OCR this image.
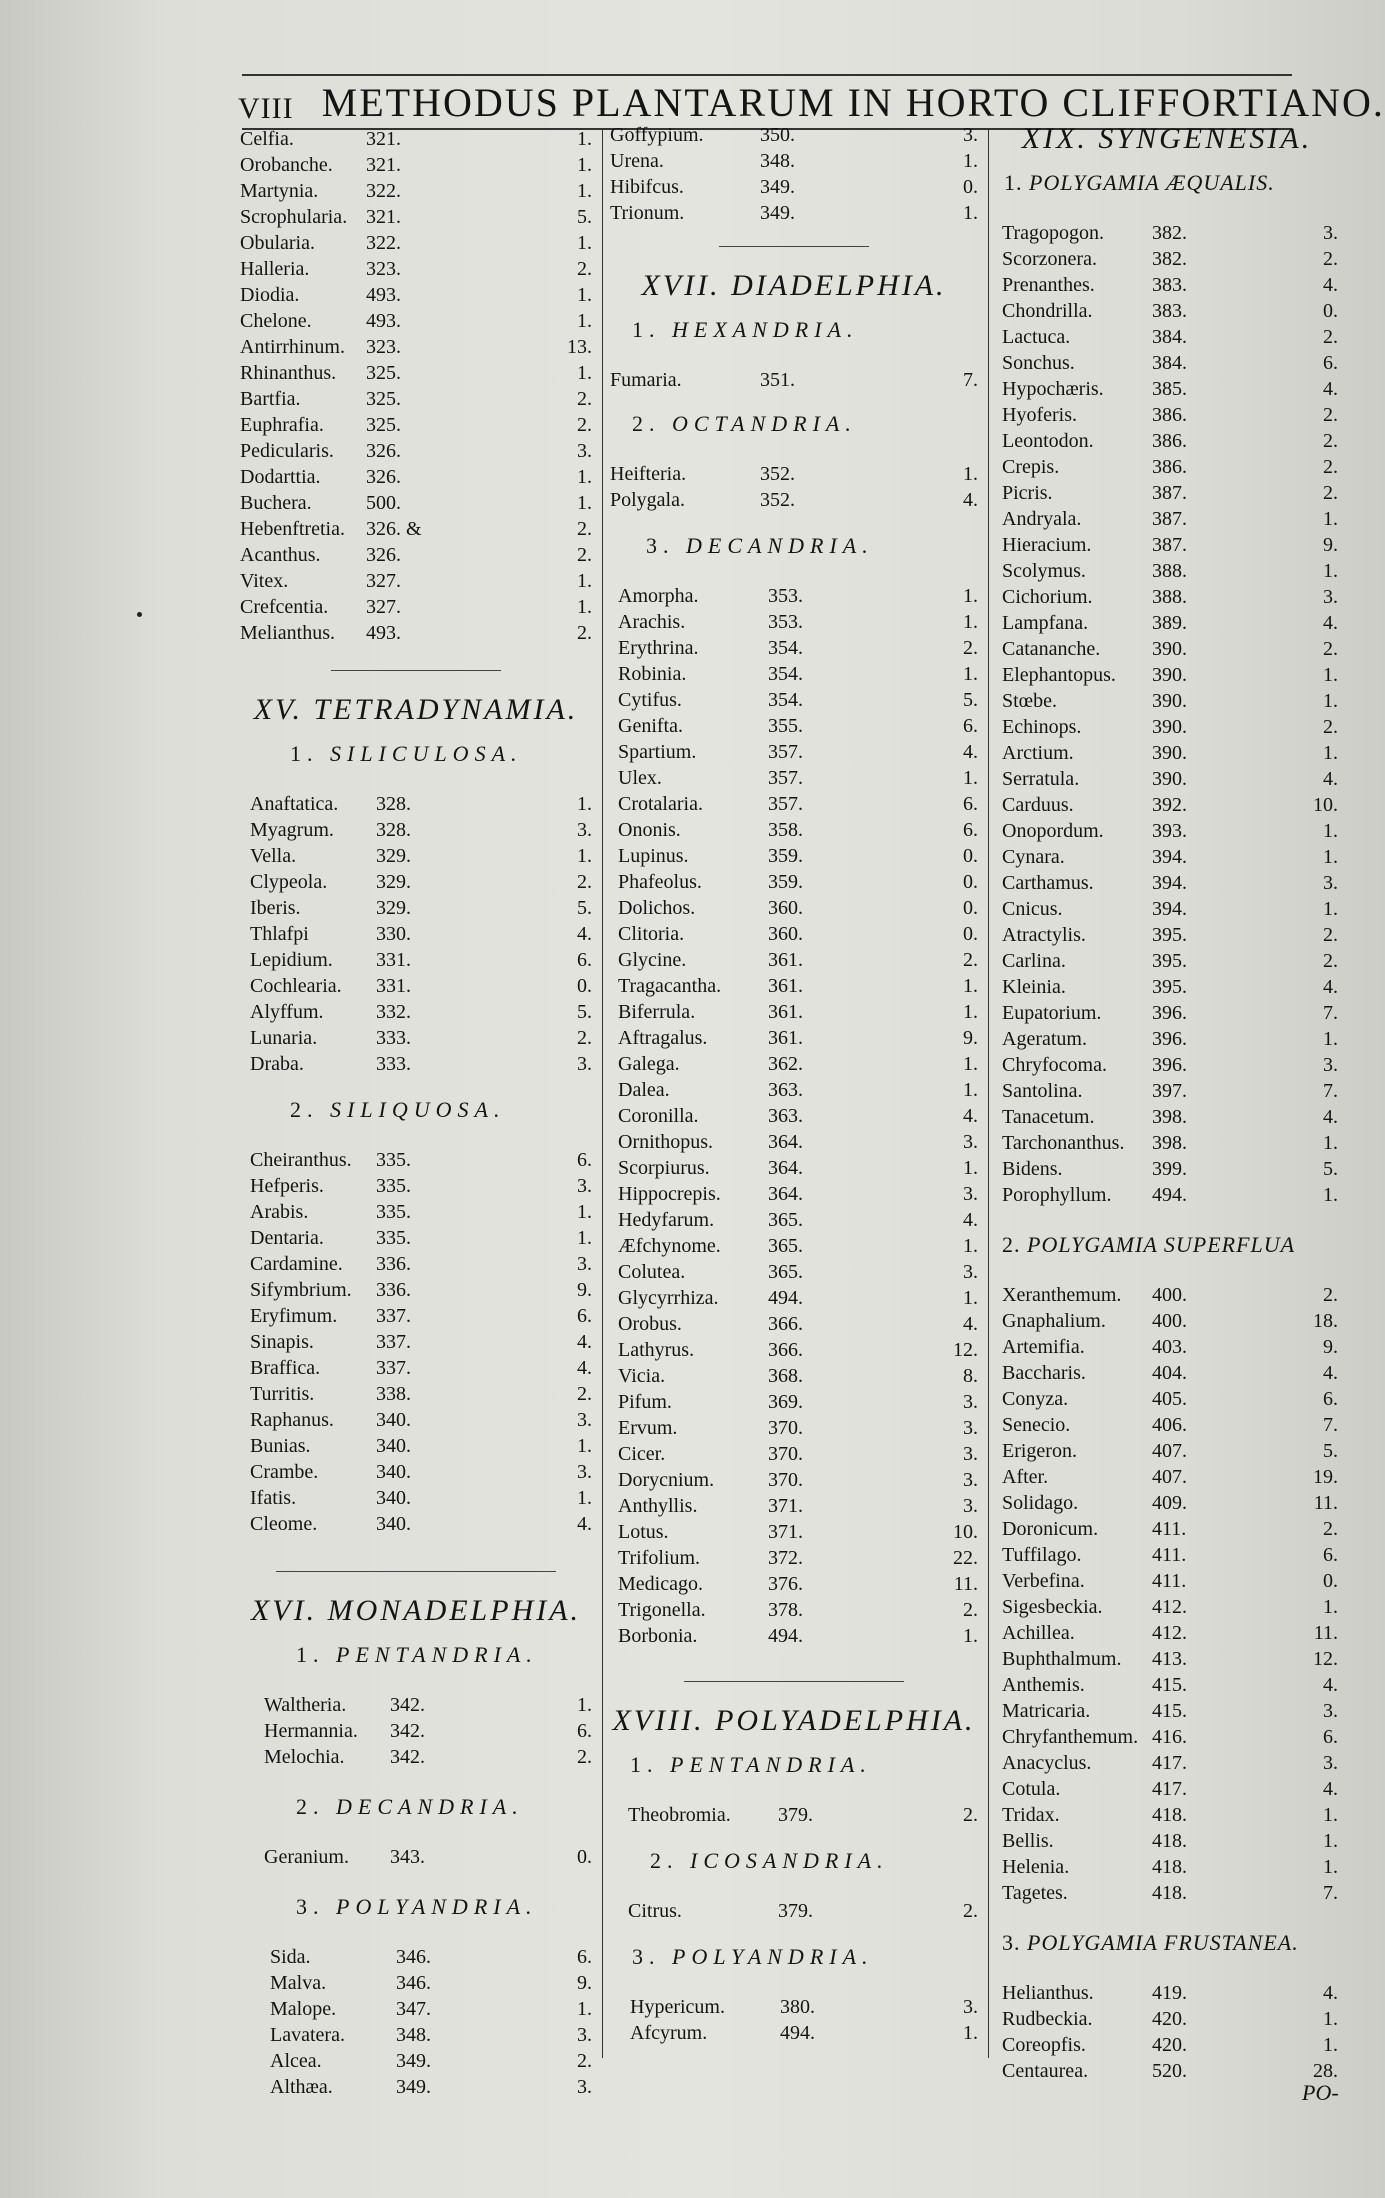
VIII METHODUS PLANTARUM IN HORTO CLIFFORTIANO.
Celfia.	321.	1.
Orobanche.	321.	1.
Martynia.	322.	1.
Scrophularia. 321.	5.
Obularia.	322.	1.
Halleria.	323.	2.
Diodia.	493.	1.
Chelone.	493.	1.
Antirrhinum.	323.	13.
Rhinanthus.	325.	1.
Bartfia.	325.	2.
Euphrafia.	325.	2.
Pedicularis.	326.	3.
Dodarttia.	326.	1.
Buchera.	500.	1.
Hebenftretia.	326. &	2.
Acanthus.	326.	2.
Vitex.	327.	1.
Crefcentia.	327.	1.
Melianthus.	493.	2.
XV. TETRADYNAMIA.
1. SILICULOSA.
Anaftatica.	328.	1.
Myagrum.	328.	3.
Vella.	329.	1.
Clypeola.	329.	2.
Iberis.	329.	5.
Thlafpi	330.	4.
Lepidium.	331.	6.
Cochlearia.	331.	0.
Alyffum.	332.	5.
Lunaria.	333.	2.
Draba.	333.	3.
2. SILIQUOSA.
Cheiranthus.	335.	6.
Hefperis.	335.	3.
Arabis.	335.	1.
Dentaria.	335.	1.
Cardamine.	336.	3.
Sifymbrium.	336.	9.
Eryfimum.	337.	6.
Sinapis.	337.	4.
Braffica.	337.	4.
Turritis.	338.	2.
Raphanus.	340.	3.
Bunias.	340.	1.
Crambe.	340.	3.
Ifatis.	340.	1.
Cleome.	340.	4.
XVI. MONADELPHIA.
1. PENTANDRIA.
Waltheria.	342.	1.
Hermannia.	342.	6.
Melochia.	342.	2.
2. DECANDRIA.
Geranium.	343.	0.
3. POLYANDRIA.
Sida.	346.	6.
Malva.	346.	9.
Malope.	347.	1.
Lavatera.	348.	3.
Alcea.	349.	2.
Althæa.	349.	3.
Goffypium.	350.	3.
Urena.	348.	1.
Hibifcus.	349.	0.
Trionum.	349.	1.
XVII. DIADELPHIA.
1. HEXANDRIA.
Fumaria.	351.	7.
2. OCTANDRIA.
Heifteria.	352.	1.
Polygala.	352.	4.
3. DECANDRIA.
Amorpha.	353.	1.
Arachis.	353.	1.
Erythrina.	354.	2.
Robinia.	354.	1.
Cytifus.	354.	5.
Genifta.	355.	6.
Spartium.	357.	4.
Ulex.	357.	1.
Crotalaria.	357.	6.
Ononis.	358.	6.
Lupinus.	359.	0.
Phafeolus.	359.	0.
Dolichos.	360.	0.
Clitoria.	360.	0.
Glycine.	361.	2.
Tragacantha.	361.	1.
Biferrula.	361.	1.
Aftragalus.	361.	9.
Galega.	362.	1.
Dalea.	363.	1.
Coronilla.	363.	4.
Ornithopus.	364.	3.
Scorpiurus.	364.	1.
Hippocrepis.	364.	3.
Hedyfarum.	365.	4.
Æfchynome.	365.	1.
Colutea.	365.	3.
Glycyrrhiza.	494.	1.
Orobus.	366.	4.
Lathyrus.	366.	12.
Vicia.	368.	8.
Pifum.	369.	3.
Ervum.	370.	3.
Cicer.	370.	3.
Dorycnium.	370.	3.
Anthyllis.	371.	3.
Lotus.	371.	10.
Trifolium.	372.	22.
Medicago.	376.	11.
Trigonella.	378.	2.
Borbonia.	494.	1.
XVIII. POLYADELPHIA.
1. PENTANDRIA.
Theobromia.	379.	2.
2. ICOSANDRIA.
Citrus.	379.	2.
3. POLYANDRIA.
Hypericum.	380.	3.
Afcyrum.	494.	1.
XIX. SYNGENESIA.
1. POLYGAMIA ÆQUALIS.
Tragopogon.	382.	3.
Scorzonera.	382.	2.
Prenanthes.	383.	4.
Chondrilla.	383.	0.
Lactuca.	384.	2.
Sonchus.	384.	6.
Hypochæris.	385.	4.
Hyoferis.	386.	2.
Leontodon.	386.	2.
Crepis.	386.	2.
Picris.	387.	2.
Andryala.	387.	1.
Hieracium.	387.	9.
Scolymus.	388.	1.
Cichorium.	388.	3.
Lampfana.	389.	4.
Catananche.	390.	2.
Elephantopus.	390.	1.
Stœbe.	390.	1.
Echinops.	390.	2.
Arctium.	390.	1.
Serratula.	390.	4.
Carduus.	392.	10.
Onopordum.	393.	1.
Cynara.	394.	1.
Carthamus.	394.	3.
Cnicus.	394.	1.
Atractylis.	395.	2.
Carlina.	395.	2.
Kleinia.	395.	4.
Eupatorium.	396.	7.
Ageratum.	396.	1.
Chryfocoma.	396.	3.
Santolina.	397.	7.
Tanacetum.	398.	4.
Tarchonanthus.	398.	1.
Bidens.	399.	5.
Porophyllum.	494.	1.
2. POLYGAMIA SUPERFLUA
Xeranthemum.	400.	2.
Gnaphalium.	400.	18.
Artemifia.	403.	9.
Baccharis.	404.	4.
Conyza.	405.	6.
Senecio.	406.	7.
Erigeron.	407.	5.
After.	407.	19.
Solidago.	409.	11.
Doronicum.	411.	2.
Tuffilago.	411.	6.
Verbefina.	411.	0.
Sigesbeckia.	412.	1.
Achillea.	412.	11.
Buphthalmum.	413.	12.
Anthemis.	415.	4.
Matricaria.	415.	3.
Chryfanthemum. 416.	6.
Anacyclus.	417.	3.
Cotula.	417.	4.
Tridax.	418.	1.
Bellis.	418.	1.
Helenia.	418.	1.
Tagetes.	418.	7.
3. POLYGAMIA FRUSTANEA.
Helianthus.	419.	4.
Rudbeckia.	420.	1.
Coreopfis.	420.	1.
Centaurea.	520.	28.
PO-
